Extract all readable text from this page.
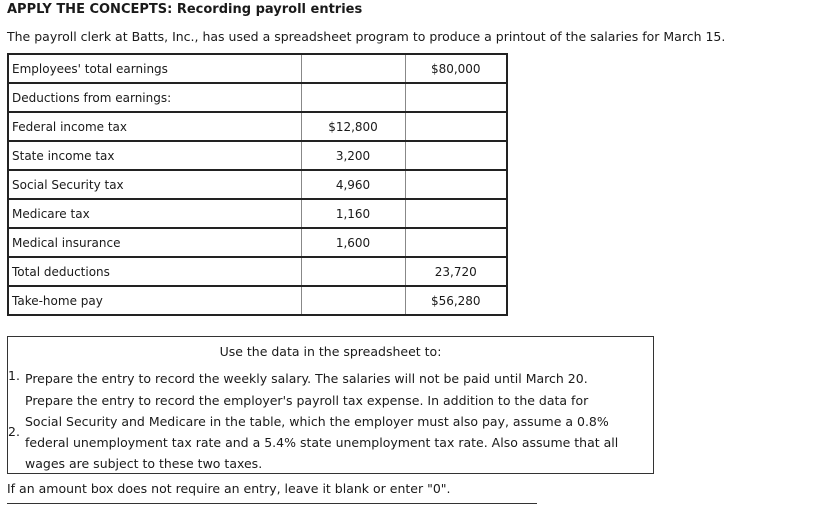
APPLY THE CONCEPTS: Recording payroll entries
The payroll clerk at Batts, Inc., has used a spreadsheet program to produce a printout of the salaries for March 15.
Employees' total earnings		$80,000
Deductions from earnings:		
Federal income tax	$12,800	
State income tax	3,200	
Social Security tax	4,960	
Medicare tax	1,160	
Medical insurance	1,600	
Total deductions		23,720
Take-home pay		$56,280
Use the data in the spreadsheet to:
1. Prepare the entry to record the weekly salary. The salaries will not be paid until March 20.
2.
Prepare the entry to record the employer's payroll tax expense. In addition to the data for Social Security and Medicare in the table, which the employer must also pay, assume a 0.8% federal unemployment tax rate and a 5.4% state unemployment tax rate. Also assume that all wages are subject to these two taxes.
If an amount box does not require an entry, leave it blank or enter "0".
